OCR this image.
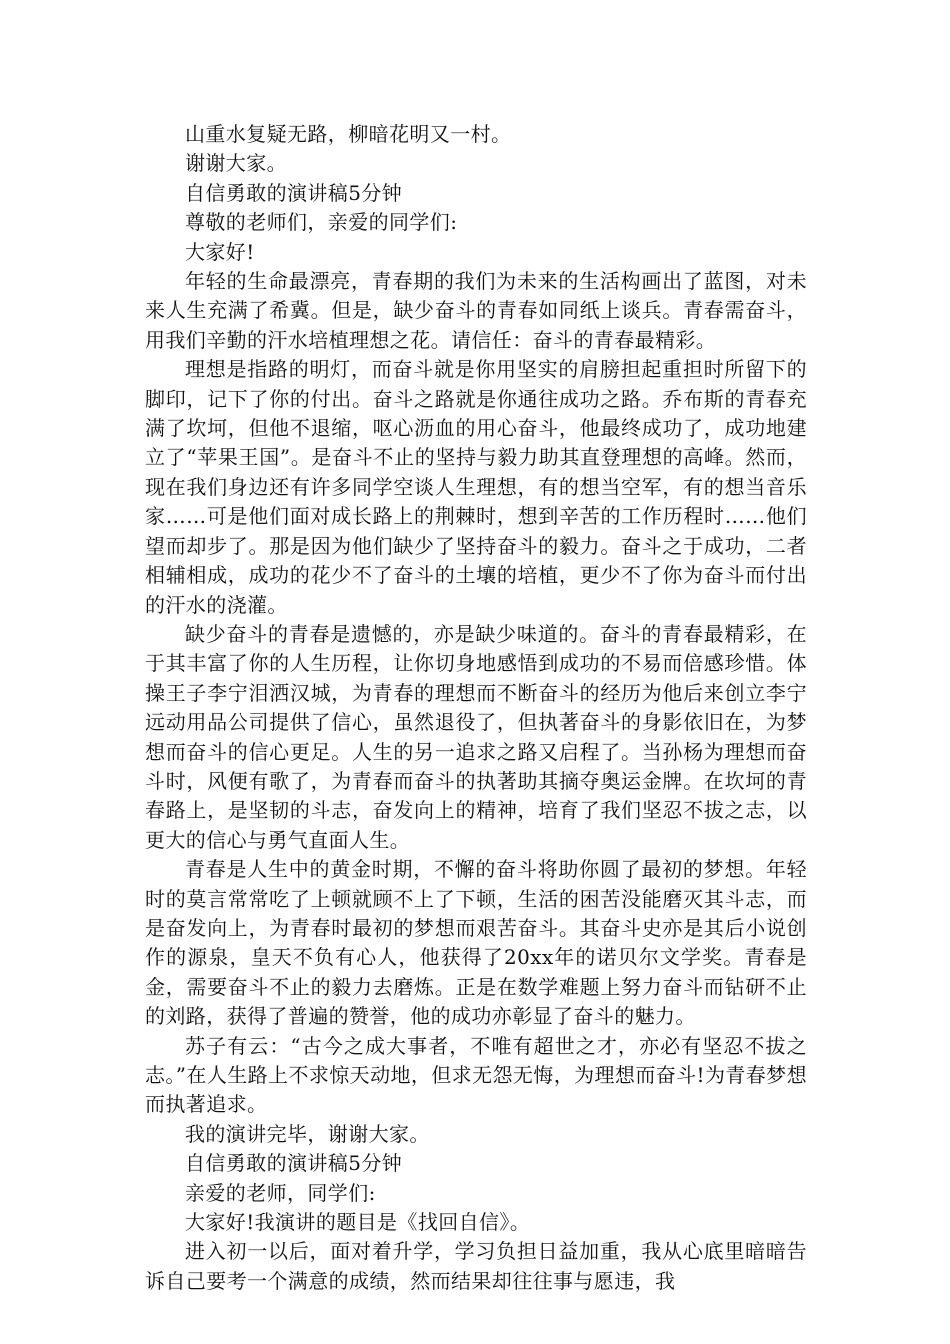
山重水复疑无路，柳暗花明又一村。

谢谢大家。

自信勇敢的演讲稿5分钟

尊敬的老师们，亲爱的同学们:

大家好!

年轻的生命最漂亮，青春期的我们为未来的生活构画出了蓝图，对未来人生充满了希冀。但是，缺少奋斗的青春如同纸上谈兵。青春需奋斗，用我们辛勤的汗水培植理想之花。请信任：奋斗的青春最精彩。

理想是指路的明灯，而奋斗就是你用坚实的肩膀担起重担时所留下的脚印，记下了你的付出。奋斗之路就是你通往成功之路。乔布斯的青春充满了坎坷，但他不退缩，呕心沥血的用心奋斗，他最终成功了，成功地建立了“苹果王国”。是奋斗不止的坚持与毅力助其直登理想的高峰。然而，现在我们身边还有许多同学空谈人生理想，有的想当空军，有的想当音乐家……可是他们面对成长路上的荆棘时，想到辛苦的工作历程时……他们望而却步了。那是因为他们缺少了坚持奋斗的毅力。奋斗之于成功，二者相辅相成，成功的花少不了奋斗的土壤的培植，更少不了你为奋斗而付出的汗水的浇灌。

缺少奋斗的青春是遗憾的，亦是缺少味道的。奋斗的青春最精彩，在于其丰富了你的人生历程，让你切身地感悟到成功的不易而倍感珍惜。体操王子李宁泪洒汉城，为青春的理想而不断奋斗的经历为他后来创立李宁远动用品公司提供了信心，虽然退役了，但执著奋斗的身影依旧在，为梦想而奋斗的信心更足。人生的另一追求之路又启程了。当孙杨为理想而奋斗时，风便有歌了，为青春而奋斗的执著助其摘夺奥运金牌。在坎坷的青春路上，是坚韧的斗志，奋发向上的精神，培育了我们坚忍不拔之志，以更大的信心与勇气直面人生。

青春是人生中的黄金时期，不懈的奋斗将助你圆了最初的梦想。年轻时的莫言常常吃了上顿就顾不上了下顿，生活的困苦没能磨灭其斗志，而是奋发向上，为青春时最初的梦想而艰苦奋斗。其奋斗史亦是其后小说创作的源泉，皇天不负有心人，他获得了20xx年的诺贝尔文学奖。青春是金，需要奋斗不止的毅力去磨炼。正是在数学难题上努力奋斗而钻研不止的刘路，获得了普遍的赞誉，他的成功亦彰显了奋斗的魅力。

苏子有云：“古今之成大事者，不唯有超世之才，亦必有坚忍不拔之志。”在人生路上不求惊天动地，但求无怨无悔，为理想而奋斗!为青春梦想而执著追求。

我的演讲完毕，谢谢大家。

自信勇敢的演讲稿5分钟

亲爱的老师，同学们:

大家好!我演讲的题目是《找回自信》。

进入初一以后，面对着升学，学习负担日益加重，我从心底里暗暗告诉自己要考一个满意的成绩，然而结果却往往事与愿违，我
